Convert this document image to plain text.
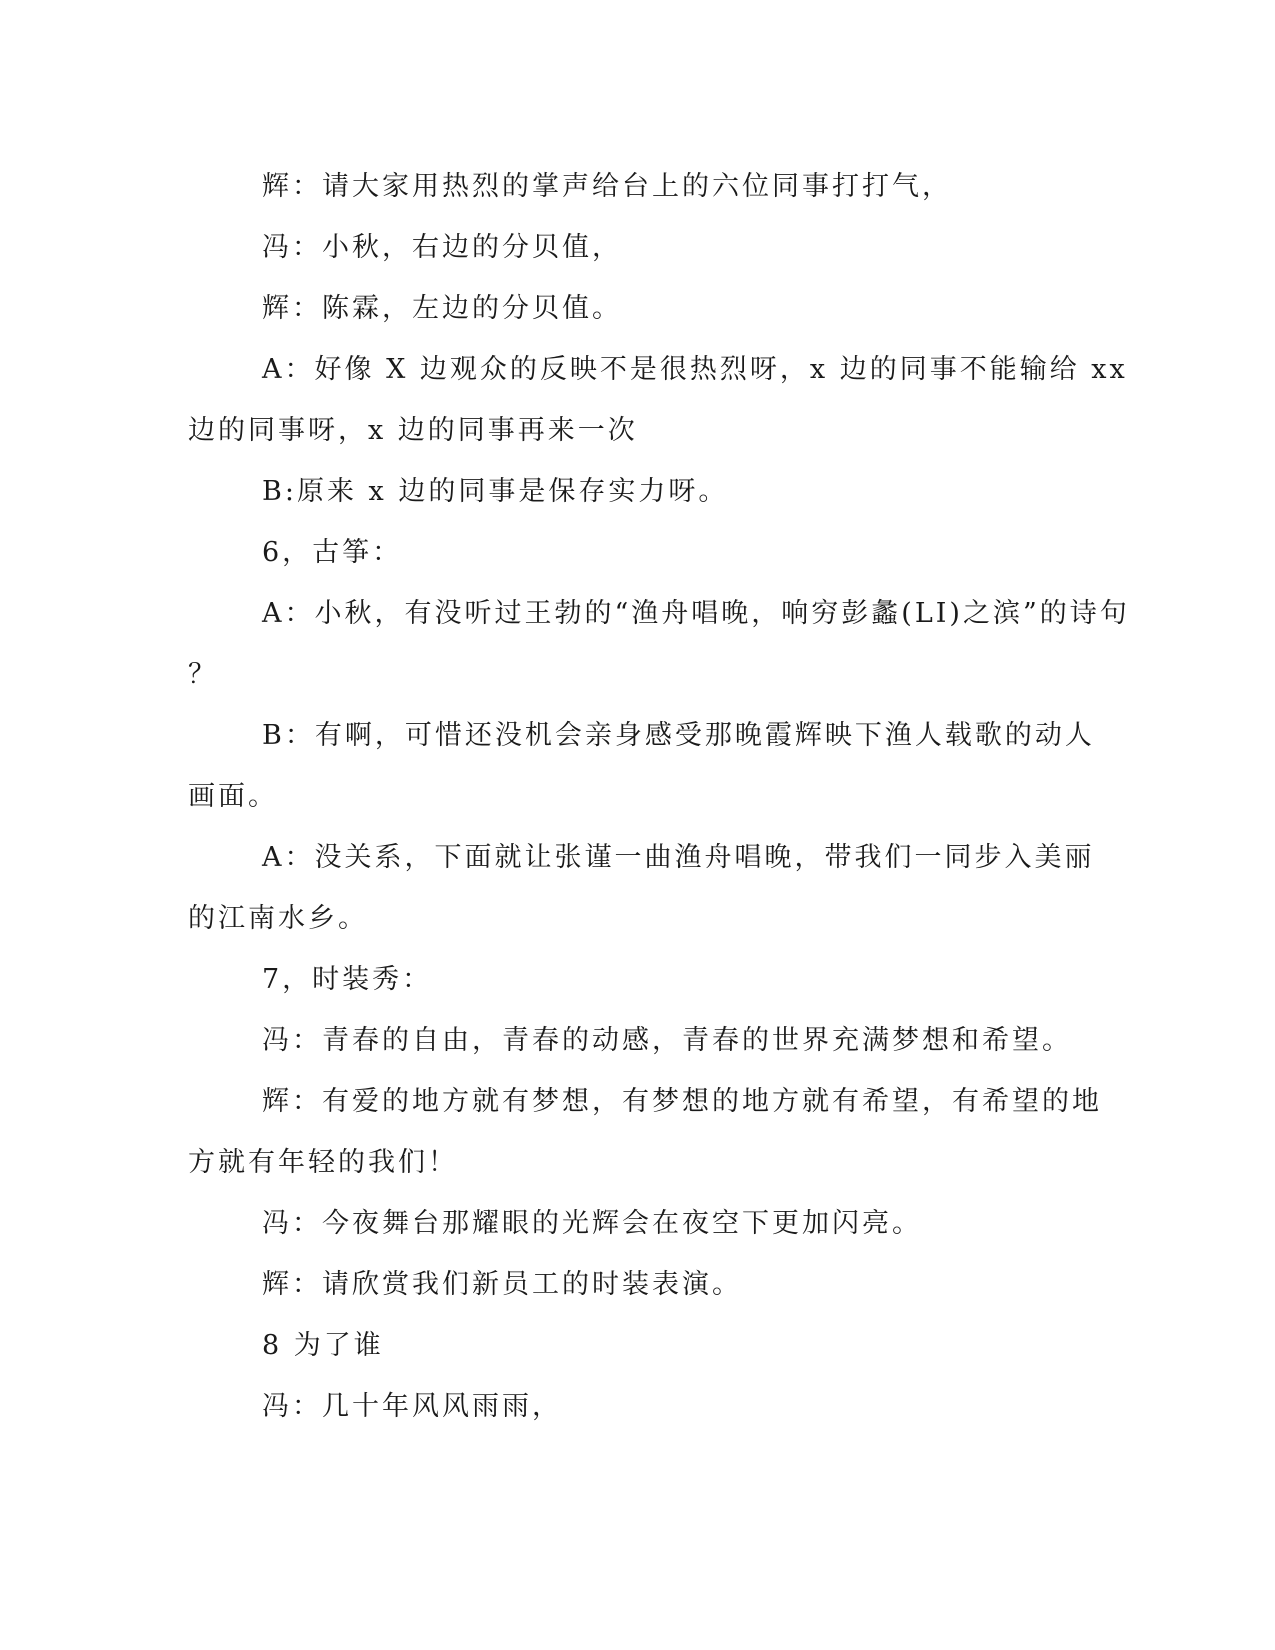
辉：请大家用热烈的掌声给台上的六位同事打打气，
冯：小秋，右边的分贝值，
辉：陈霖，左边的分贝值。
A：好像 X 边观众的反映不是很热烈呀，x 边的同事不能输给 xx
边的同事呀，x 边的同事再来一次
B:原来 x 边的同事是保存实力呀。
6，古筝：
A：小秋，有没听过王勃的“渔舟唱晚，响穷彭蠡(LI)之滨”的诗句
？
B：有啊，可惜还没机会亲身感受那晚霞辉映下渔人载歌的动人
画面。
A：没关系，下面就让张谨一曲渔舟唱晚，带我们一同步入美丽
的江南水乡。
7，时装秀：
冯：青春的自由，青春的动感，青春的世界充满梦想和希望。
辉：有爱的地方就有梦想，有梦想的地方就有希望，有希望的地
方就有年轻的我们！
冯：今夜舞台那耀眼的光辉会在夜空下更加闪亮。
辉：请欣赏我们新员工的时装表演。
8 为了谁
冯：几十年风风雨雨，
